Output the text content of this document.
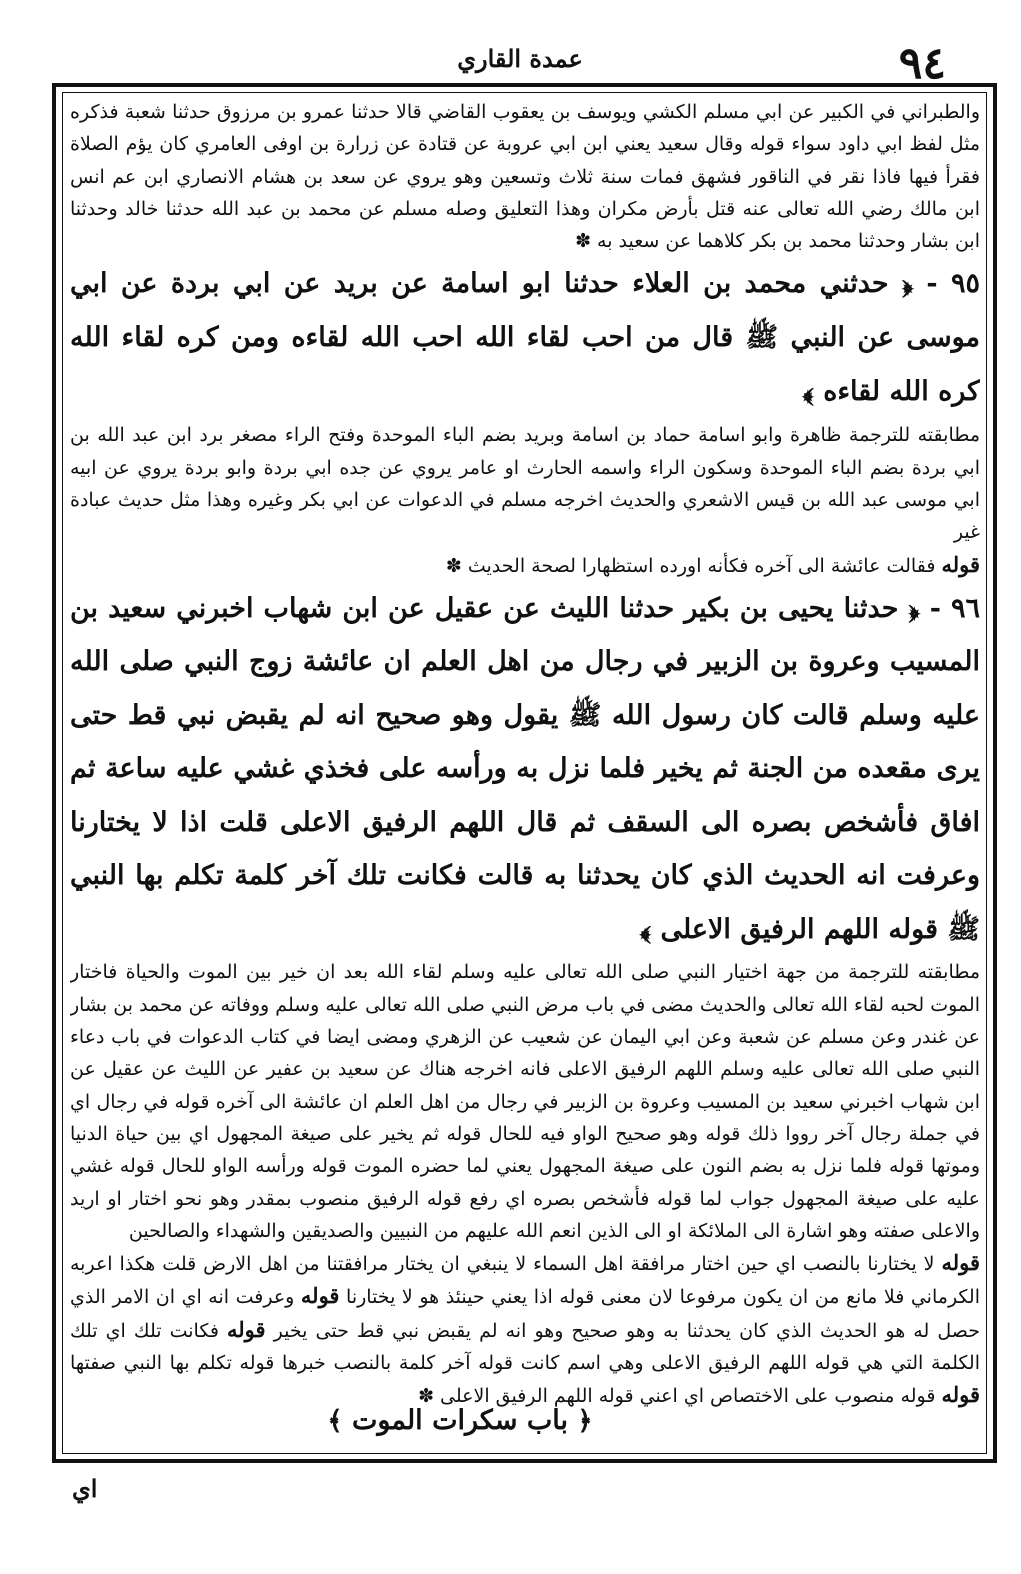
٩٤
عمدة القاري

والطبراني في الكبير عن ابي مسلم الكشي ويوسف بن يعقوب القاضي قالا حدثنا عمرو بن مرزوق حدثنا شعبة فذكره مثل لفظ ابي داود سواء قوله وقال سعيد يعني ابن ابي عروبة عن قتادة عن زرارة بن اوفى العامري كان يؤم الصلاة فقرأ فيها فاذا نقر في الناقور فشهق فمات سنة ثلاث وتسعين وهو يروي عن سعد بن هشام الانصاري ابن عم انس ابن مالك رضي الله تعالى عنه قتل بأرض مكران وهذا التعليق وصله مسلم عن محمد بن عبد الله حدثنا خالد وحدثنا ابن بشار وحدثنا محمد بن بكر كلاهما عن سعيد به ✽

٩٥ - ﴿ حدثني محمد بن العلاء حدثنا ابو اسامة عن بريد عن ابي بردة عن ابي موسى عن النبي ﷺ قال من احب لقاء الله احب الله لقاءه ومن كره لقاء الله كره الله لقاءه ﴾

مطابقته للترجمة ظاهرة وابو اسامة حماد بن اسامة وبريد بضم الباء الموحدة وفتح الراء مصغر برد ابن عبد الله بن ابي بردة بضم الباء الموحدة وسكون الراء واسمه الحارث او عامر يروي عن جده ابي بردة وابو بردة يروي عن ابيه ابي موسى عبد الله بن قيس الاشعري والحديث اخرجه مسلم في الدعوات عن ابي بكر وغيره وهذا مثل حديث عبادة غير

قوله فقالت عائشة الى آخره فكأنه اورده استظهارا لصحة الحديث ✽

٩٦ - ﴿ حدثنا يحيى بن بكير حدثنا الليث عن عقيل عن ابن شهاب اخبرني سعيد بن المسيب وعروة بن الزبير في رجال من اهل العلم ان عائشة زوج النبي صلى الله عليه وسلم قالت كان رسول الله ﷺ يقول وهو صحيح انه لم يقبض نبي قط حتى يرى مقعده من الجنة ثم يخير فلما نزل به ورأسه على فخذي غشي عليه ساعة ثم افاق فأشخص بصره الى السقف ثم قال اللهم الرفيق الاعلى قلت اذا لا يختارنا وعرفت انه الحديث الذي كان يحدثنا به قالت فكانت تلك آخر كلمة تكلم بها النبي ﷺ قوله اللهم الرفيق الاعلى ﴾

مطابقته للترجمة من جهة اختيار النبي صلى الله تعالى عليه وسلم لقاء الله بعد ان خير بين الموت والحياة فاختار الموت لحبه لقاء الله تعالى والحديث مضى في باب مرض النبي صلى الله تعالى عليه وسلم ووفاته عن محمد بن بشار عن غندر وعن مسلم عن شعبة وعن ابي اليمان عن شعيب عن الزهري ومضى ايضا في كتاب الدعوات في باب دعاء النبي صلى الله تعالى عليه وسلم اللهم الرفيق الاعلى فانه اخرجه هناك عن سعيد بن عفير عن الليث عن عقيل عن ابن شهاب اخبرني سعيد بن المسيب وعروة بن الزبير في رجال من اهل العلم ان عائشة الى آخره قوله في رجال اي في جملة رجال آخر رووا ذلك قوله وهو صحيح الواو فيه للحال قوله ثم يخير على صيغة المجهول اي بين حياة الدنيا وموتها قوله فلما نزل به بضم النون على صيغة المجهول يعني لما حضره الموت قوله ورأسه الواو للحال قوله غشي عليه على صيغة المجهول جواب لما قوله فأشخص بصره اي رفع قوله الرفيق منصوب بمقدر وهو نحو اختار او اريد والاعلى صفته وهو اشارة الى الملائكة او الى الذين انعم الله عليهم من النبيين والصديقين والشهداء والصالحين

قوله لا يختارنا بالنصب اي حين اختار مرافقة اهل السماء لا ينبغي ان يختار مرافقتنا من اهل الارض قلت هكذا اعربه الكرماني فلا مانع من ان يكون مرفوعا لان معنى قوله اذا يعني حينئذ هو لا يختارنا قوله وعرفت انه اي ان الامر الذي حصل له هو الحديث الذي كان يحدثنا به وهو صحيح وهو انه لم يقبض نبي قط حتى يخير قوله فكانت تلك اي تلك الكلمة التي هي قوله اللهم الرفيق الاعلى وهي اسم كانت قوله آخر كلمة بالنصب خبرها قوله تكلم بها النبي صفتها قوله قوله منصوب على الاختصاص اي اعني قوله اللهم الرفيق الاعلى ✽

﴿ باب سكرات الموت ﴾
اي
